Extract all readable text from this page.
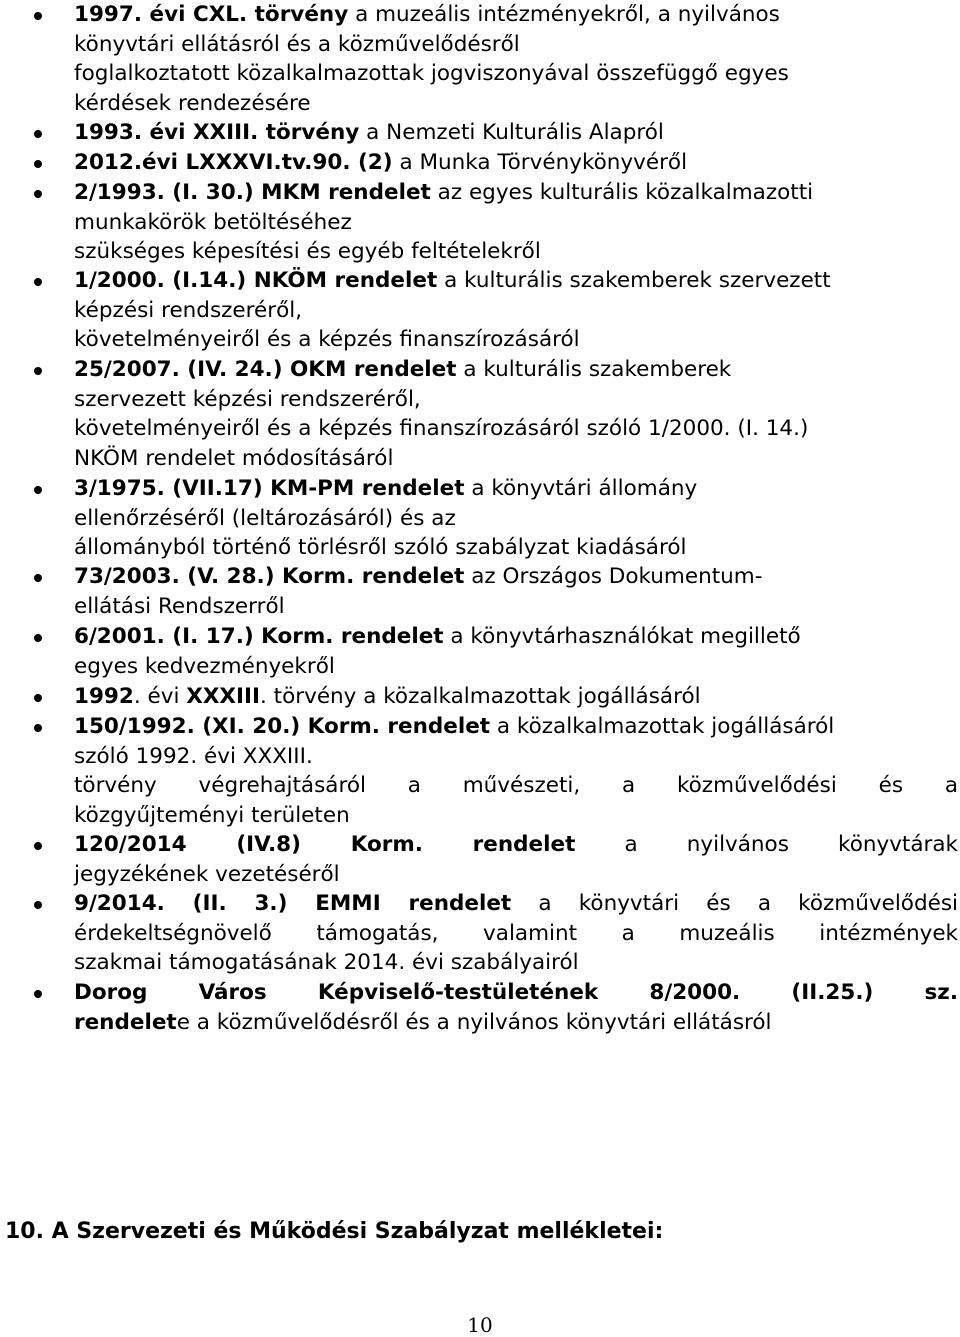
1997. évi CXL. törvény a muzeális intézményekről, a nyilvános
könyvtári ellátásról és a közművelődésről
foglalkoztatott közalkalmazottak jogviszonyával összefüggő egyes
kérdések rendezésére
1993. évi XXIII. törvény a Nemzeti Kulturális Alapról
2012.évi LXXXVI.tv.90. (2) a Munka Törvénykönyvéről
2/1993. (I. 30.) MKM rendelet az egyes kulturális közalkalmazotti
munkakörök betöltéséhez
szükséges képesítési és egyéb feltételekről
1/2000. (I.14.) NKÖM rendelet a kulturális szakemberek szervezett
képzési rendszeréről,
követelményeiről és a képzés finanszírozásáról
25/2007. (IV. 24.) OKM rendelet a kulturális szakemberek
szervezett képzési rendszeréről,
követelményeiről és a képzés finanszírozásáról szóló 1/2000. (I. 14.)
NKÖM rendelet módosításáról
3/1975. (VII.17) KM-PM rendelet a könyvtári állomány
ellenőrzéséről (leltározásáról) és az
állományból történő törlésről szóló szabályzat kiadásáról
73/2003. (V. 28.) Korm. rendelet az Országos Dokumentum-
ellátási Rendszerről
6/2001. (I. 17.) Korm. rendelet a könyvtárhasználókat megillető
egyes kedvezményekről
1992. évi XXXIII. törvény a közalkalmazottak jogállásáról
150/1992. (XI. 20.) Korm. rendelet a közalkalmazottak jogállásáról
szóló 1992. évi XXXIII.
törvény végrehajtásáról a művészeti, a közművelődési és a
közgyűjteményi területen
120/2014 (IV.8) Korm. rendelet a nyilvános könyvtárak
jegyzékének vezetéséről
9/2014. (II. 3.) EMMI rendelet a könyvtári és a közművelődési
érdekeltségnövelő támogatás, valamint a muzeális intézmények
szakmai támogatásának 2014. évi szabályairól
Dorog Város Képviselő-testületének 8/2000. (II.25.) sz.
rendelete a közművelődésről és a nyilvános könyvtári ellátásról
10. A Szervezeti és Működési Szabályzat mellékletei:
10
